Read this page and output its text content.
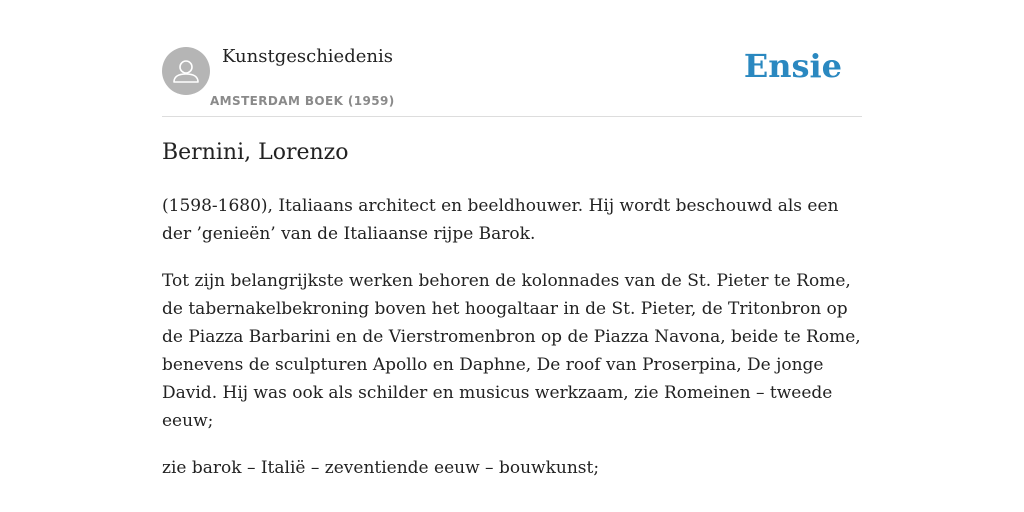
Kunstgeschiedenis
AMSTERDAM BOEK (1959)
Ensie
Bernini, Lorenzo

(1598-1680), Italiaans architect en beeldhouwer. Hij wordt beschouwd als een der ’genieën’ van de Italiaanse rijpe Barok.

Tot zijn belangrijkste werken behoren de kolonnades van de St. Pieter te Rome, de tabernakelbekroning boven het hoogaltaar in de St. Pieter, de Tritonbron op de Piazza Barbarini en de Vierstromenbron op de Piazza Navona, beide te Rome, benevens de sculpturen Apollo en Daphne, De roof van Proserpina, De jonge David. Hij was ook als schilder en musicus werkzaam, zie Romeinen – tweede eeuw;

zie barok – Italië – zeventiende eeuw – bouwkunst;
